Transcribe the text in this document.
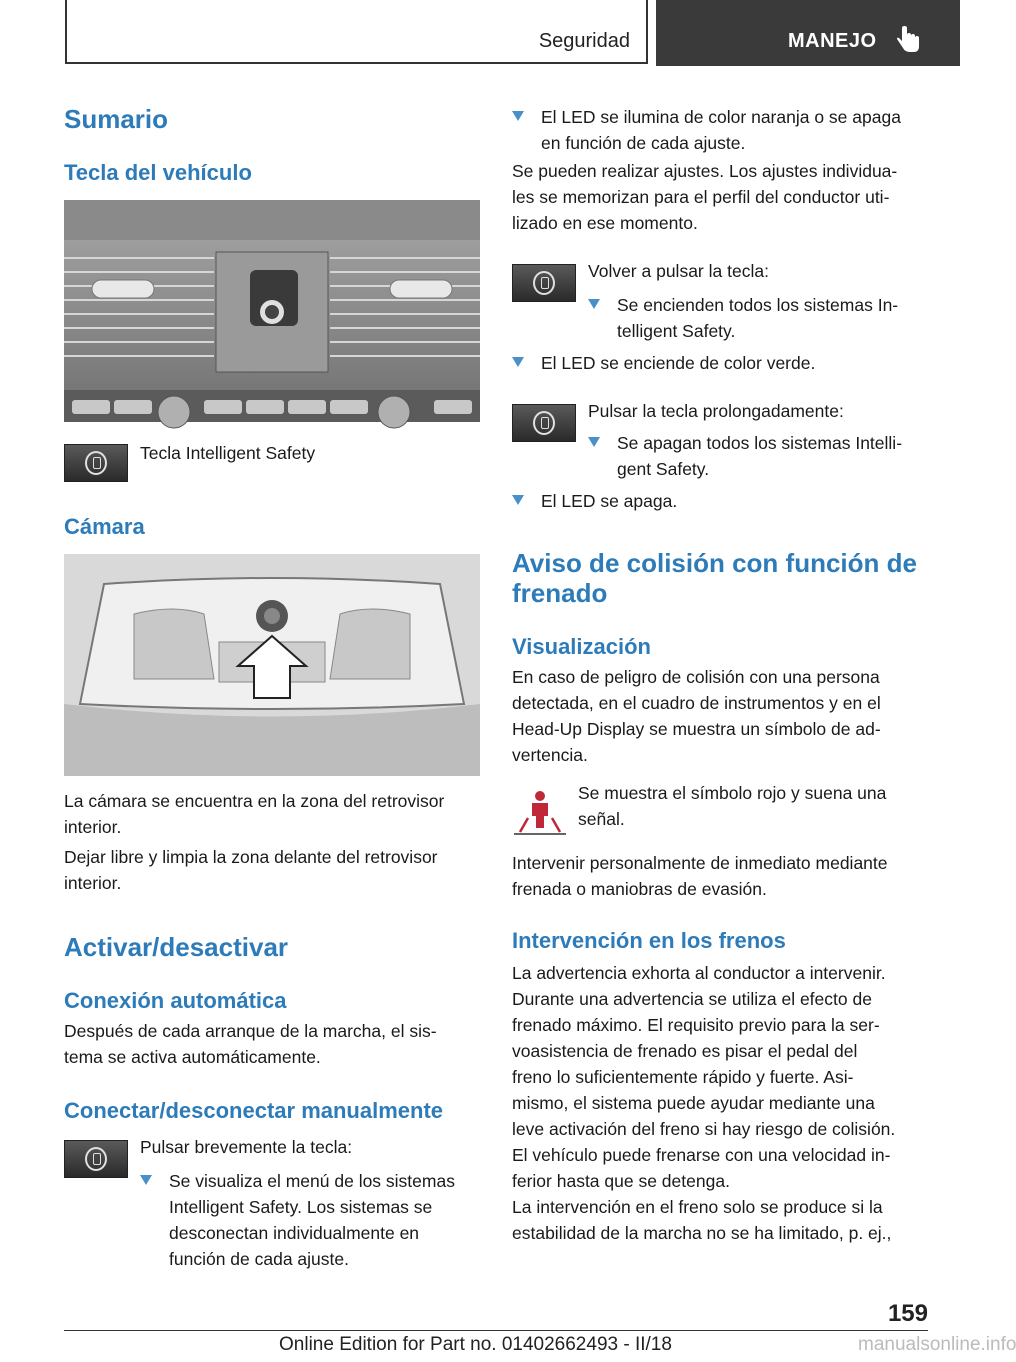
Seguridad	MANEJO
Sumario
Tecla del vehículo

Tecla Intelligent Safety

Cámara
La cámara se encuentra en la zona del retrovisor
interior.
Dejar libre y limpia la zona delante del retrovisor
interior.
Activar/desactivar
Conexión automática
Después de cada arranque de la marcha, el sis-
tema se activa automáticamente.
Conectar/desconectar manualmente

Pulsar brevemente la tecla:

Se visualiza el menú de los sistemas
Intelligent Safety. Los sistemas se
desconectan individualmente en
función de cada ajuste.
El LED se ilumina de color naranja o se apaga
en función de cada ajuste.
Se pueden realizar ajustes. Los ajustes individua-
les se memorizan para el perfil del conductor uti-
lizado en ese momento.

Volver a pulsar la tecla:

Se encienden todos los sistemas In-
telligent Safety.
El LED se enciende de color verde.

Pulsar la tecla prolongadamente:

Se apagan todos los sistemas Intelli-
gent Safety.
El LED se apaga.
Aviso de colisión con función de
frenado
Visualización
En caso de peligro de colisión con una persona
detectada, en el cuadro de instrumentos y en el
Head-Up Display se muestra un símbolo de ad-
vertencia.
Se muestra el símbolo rojo y suena una
señal.
Intervenir personalmente de inmediato mediante
frenada o maniobras de evasión.
Intervención en los frenos
La advertencia exhorta al conductor a intervenir.
Durante una advertencia se utiliza el efecto de
frenado máximo. El requisito previo para la ser-
voasistencia de frenado es pisar el pedal del
freno lo suficientemente rápido y fuerte. Asi-
mismo, el sistema puede ayudar mediante una
leve activación del freno si hay riesgo de colisión.
El vehículo puede frenarse con una velocidad in-
ferior hasta que se detenga.
La intervención en el freno solo se produce si la
estabilidad de la marcha no se ha limitado, p. ej.,
159
Online Edition for Part no. 01402662493 - II/18	manualsonline.info
